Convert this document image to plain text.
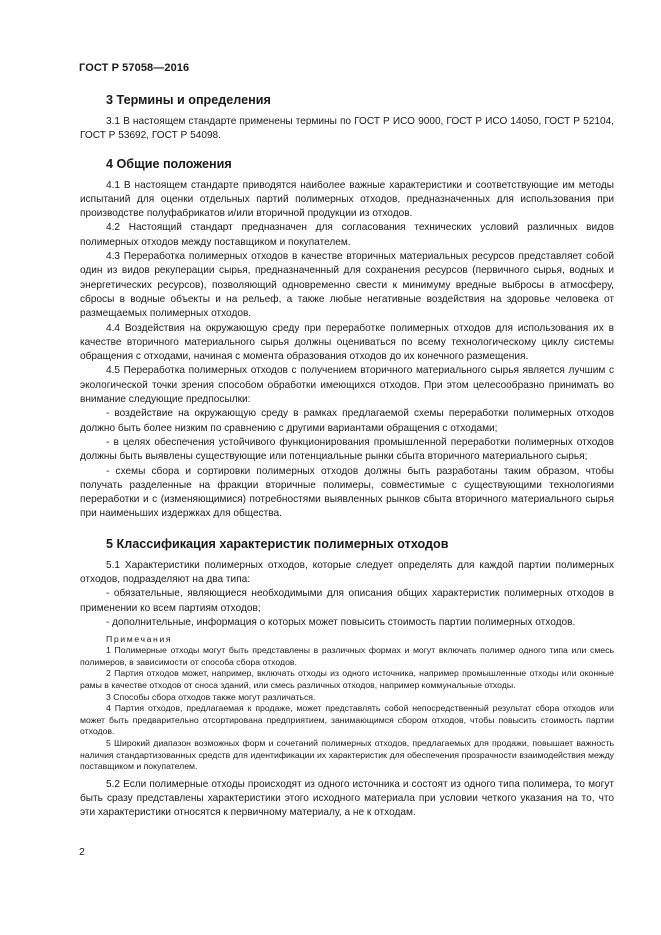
ГОСТ Р 57058—2016
3 Термины и определения

3.1 В настоящем стандарте применены термины по ГОСТ Р ИСО 9000, ГОСТ Р ИСО 14050, ГОСТ Р 52104, ГОСТ Р 53692, ГОСТ Р 54098.

4 Общие положения

4.1 В настоящем стандарте приводятся наиболее важные характеристики и соответствующие им методы испытаний для оценки отдельных партий полимерных отходов, предназначенных для использования при производстве полуфабрикатов и/или вторичной продукции из отходов.

4.2 Настоящий стандарт предназначен для согласования технических условий различных видов полимерных отходов между поставщиком и покупателем.

4.3 Переработка полимерных отходов в качестве вторичных материальных ресурсов представляет собой один из видов рекуперации сырья, предназначенный для сохранения ресурсов (первичного сырья, водных и энергетических ресурсов), позволяющий одновременно свести к минимуму вредные выбросы в атмосферу, сбросы в водные объекты и на рельеф, а также любые негативные воздействия на здоровье человека от размещаемых полимерных отходов.

4.4 Воздействия на окружающую среду при переработке полимерных отходов для использования их в качестве вторичного материального сырья должны оцениваться по всему технологическому циклу системы обращения с отходами, начиная с момента образования отходов до их конечного размещения.

4.5 Переработка полимерных отходов с получением вторичного материального сырья является лучшим с экологической точки зрения способом обработки имеющихся отходов. При этом целесообразно принимать во внимание следующие предпосылки:

- воздействие на окружающую среду в рамках предлагаемой схемы переработки полимерных отходов должно быть более низким по сравнению с другими вариантами обращения с отходами;

- в целях обеспечения устойчивого функционирования промышленной переработки полимерных отходов должны быть выявлены существующие или потенциальные рынки сбыта вторичного материального сырья;

- схемы сбора и сортировки полимерных отходов должны быть разработаны таким образом, чтобы получать разделенные на фракции вторичные полимеры, совместимые с существующими технологиями переработки и с (изменяющимися) потребностями выявленных рынков сбыта вторичного материального сырья при наименьших издержках для общества.

5 Классификация характеристик полимерных отходов

5.1 Характеристики полимерных отходов, которые следует определять для каждой партии полимерных отходов, подразделяют на два типа:

- обязательные, являющиеся необходимыми для описания общих характеристик полимерных отходов в применении ко всем партиям отходов;

- дополнительные, информация о которых может повысить стоимость партии полимерных отходов.

Примечания

1 Полимерные отходы могут быть представлены в различных формах и могут включать полимер одного типа или смесь полимеров, в зависимости от способа сбора отходов.

2 Партия отходов может, например, включать отходы из одного источника, например промышленные отходы или оконные рамы в качестве отходов от сноса зданий, или смесь различных отходов, например коммунальные отходы.

3 Способы сбора отходов также могут различаться.

4 Партия отходов, предлагаемая к продаже, может представлять собой непосредственный результат сбора отходов или может быть предварительно отсортирована предприятием, занимающимся сбором отходов, чтобы повысить стоимость партии отходов.

5 Широкий диапазон возможных форм и сочетаний полимерных отходов, предлагаемых для продажи, повышает важность наличия стандартизованных средств для идентификации их характеристик для обеспечения прозрачности взаимодействия между поставщиком и покупателем.

5.2 Если полимерные отходы происходят из одного источника и состоят из одного типа полимера, то могут быть сразу представлены характеристики этого исходного материала при условии четкого указания на то, что эти характеристики относятся к первичному материалу, а не к отходам.

2
